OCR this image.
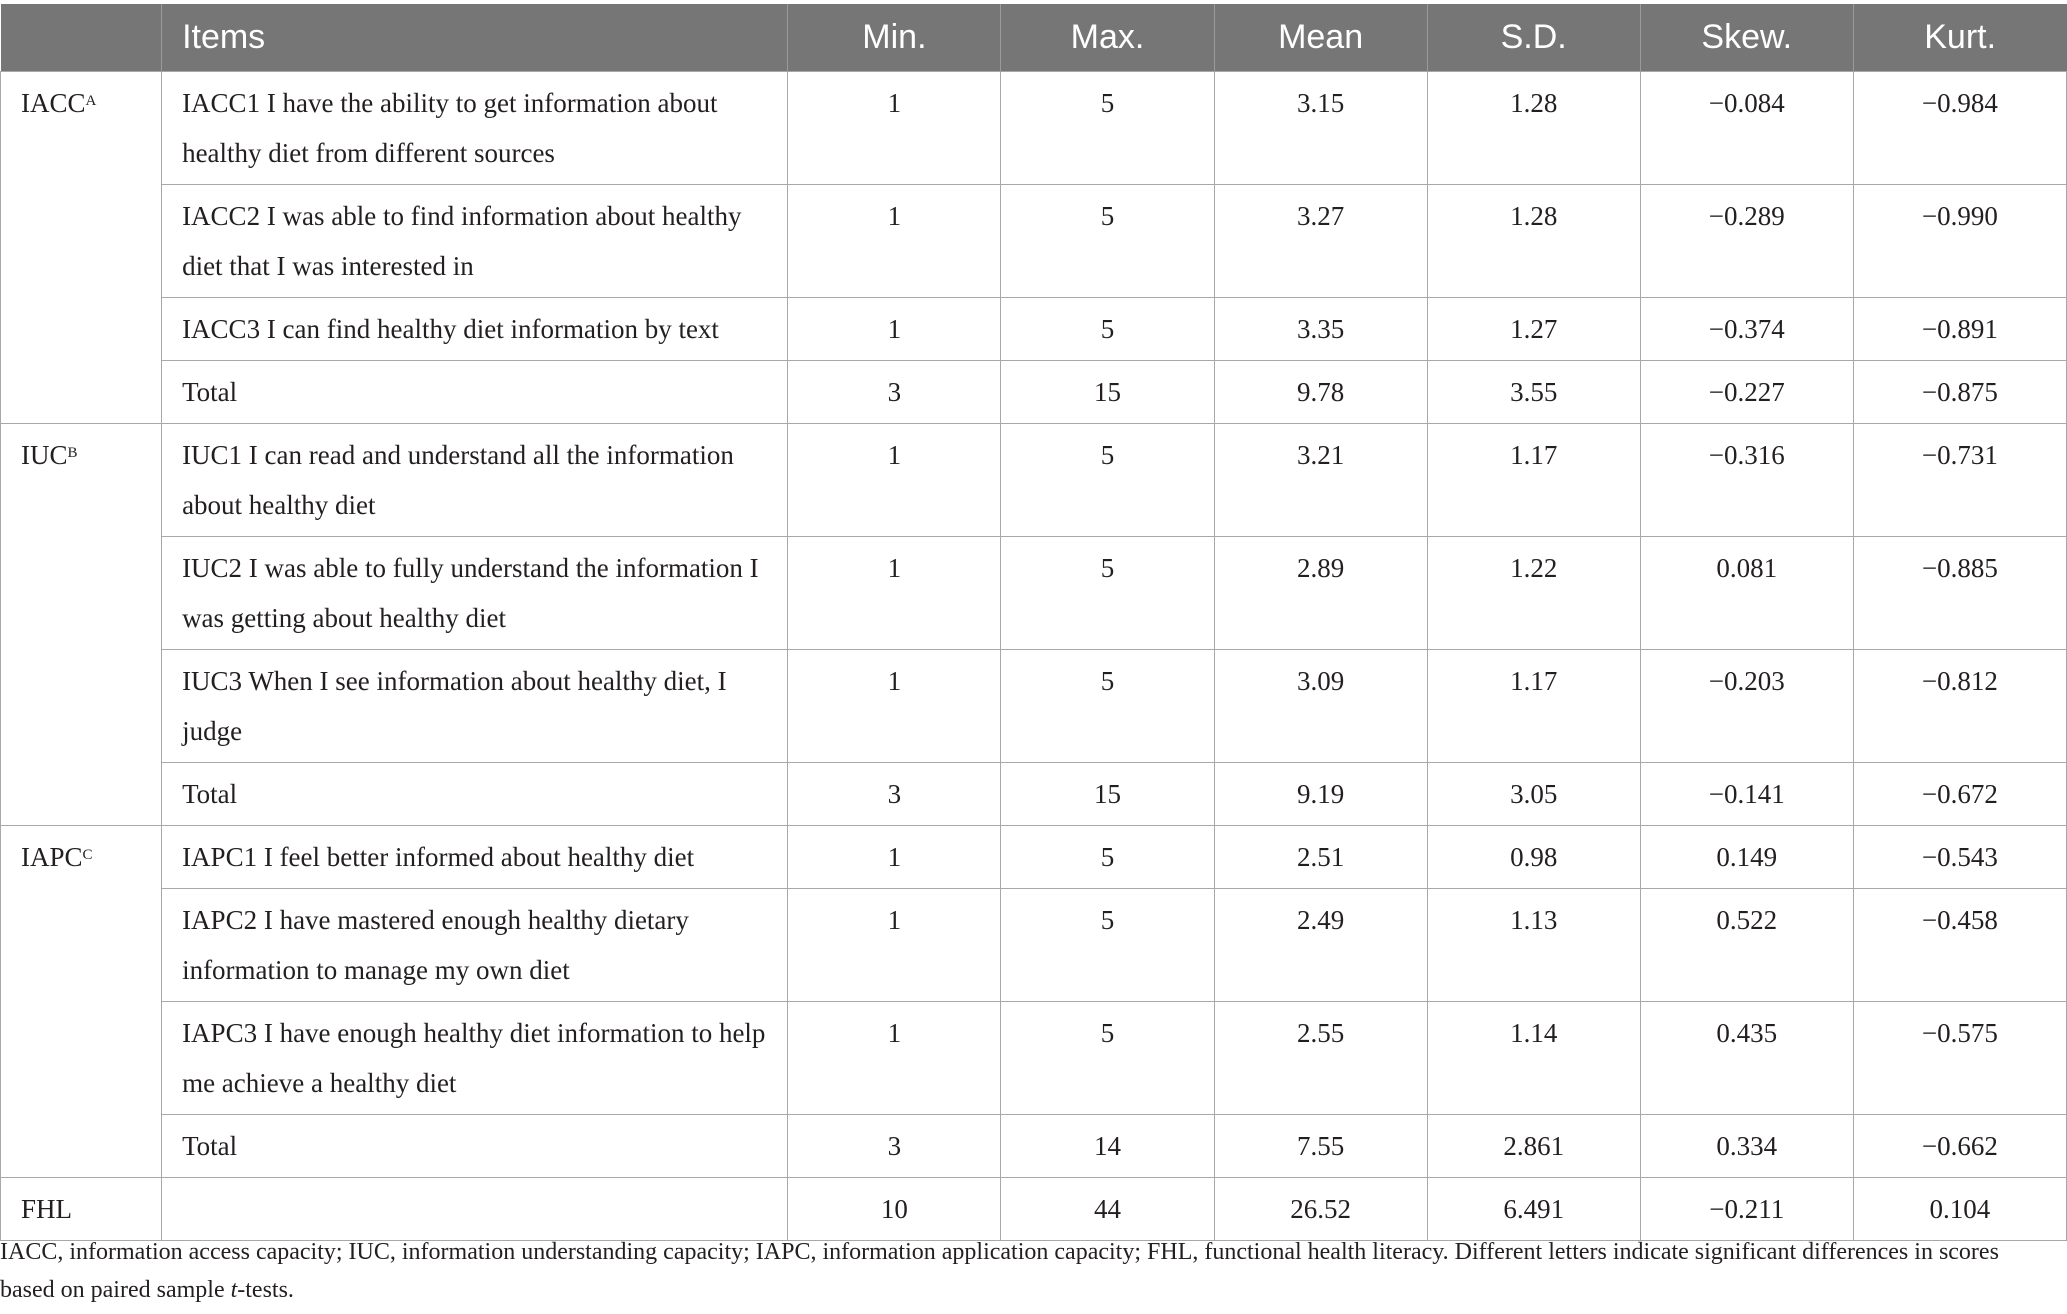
	Items	Min.	Max.	Mean	S.D.	Skew.	Kurt.
$IACC^A$	IACC1 I have the ability to get information about healthy diet from different sources	1	5	3.15	1.28	−0.084	−0.984
	IACC2 I was able to find information about healthy diet that I was interested in	1	5	3.27	1.28	−0.289	−0.990
	IACC3 I can find healthy diet information by text	1	5	3.35	1.27	−0.374	−0.891
	Total	3	15	9.78	3.55	−0.227	−0.875
$IUC^B$	IUC1 I can read and understand all the information about healthy diet	1	5	3.21	1.17	−0.316	−0.731
	IUC2 I was able to fully understand the information I was getting about healthy diet	1	5	2.89	1.22	0.081	−0.885
	IUC3 When I see information about healthy diet, I judge	1	5	3.09	1.17	−0.203	−0.812
	Total	3	15	9.19	3.05	−0.141	−0.672
$IAPC^C$	IAPC1 I feel better informed about healthy diet	1	5	2.51	0.98	0.149	−0.543
	IAPC2 I have mastered enough healthy dietary information to manage my own diet	1	5	2.49	1.13	0.522	−0.458
	IAPC3 I have enough healthy diet information to help me achieve a healthy diet	1	5	2.55	1.14	0.435	−0.575
	Total	3	14	7.55	2.861	0.334	−0.662
FHL		10	44	26.52	6.491	−0.211	0.104
IACC, information access capacity; IUC, information understanding capacity; IAPC, information application capacity; FHL, functional health literacy. Different letters indicate significant differences in scores based on paired sample t-tests.
